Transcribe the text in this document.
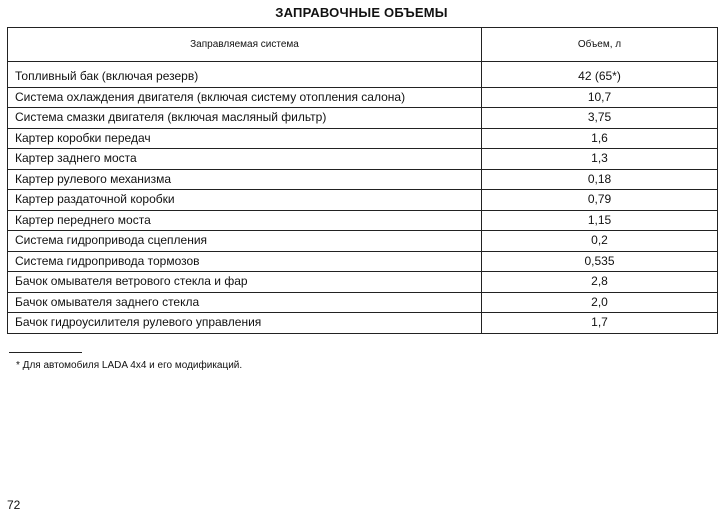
ЗАПРАВОЧНЫЕ ОБЪЕМЫ
Заправляемая система	Объем, л

Топливный бак (включая резерв)	42 (65*)
Система охлаждения двигателя (включая систему отопления салона)	10,7
Система смазки двигателя (включая масляный фильтр)	3,75
Картер коробки передач	1,6
Картер заднего моста	1,3
Картер рулевого механизма	0,18
Картер раздаточной коробки	0,79
Картер переднего моста	1,15
Система гидропривода сцепления	0,2
Система гидропривода тормозов	0,535
Бачок омывателя ветрового стекла и фар	2,8
Бачок омывателя заднего стекла	2,0
Бачок гидроусилителя рулевого управления	1,7
* Для автомобиля LADA 4x4 и его модификаций.
72
